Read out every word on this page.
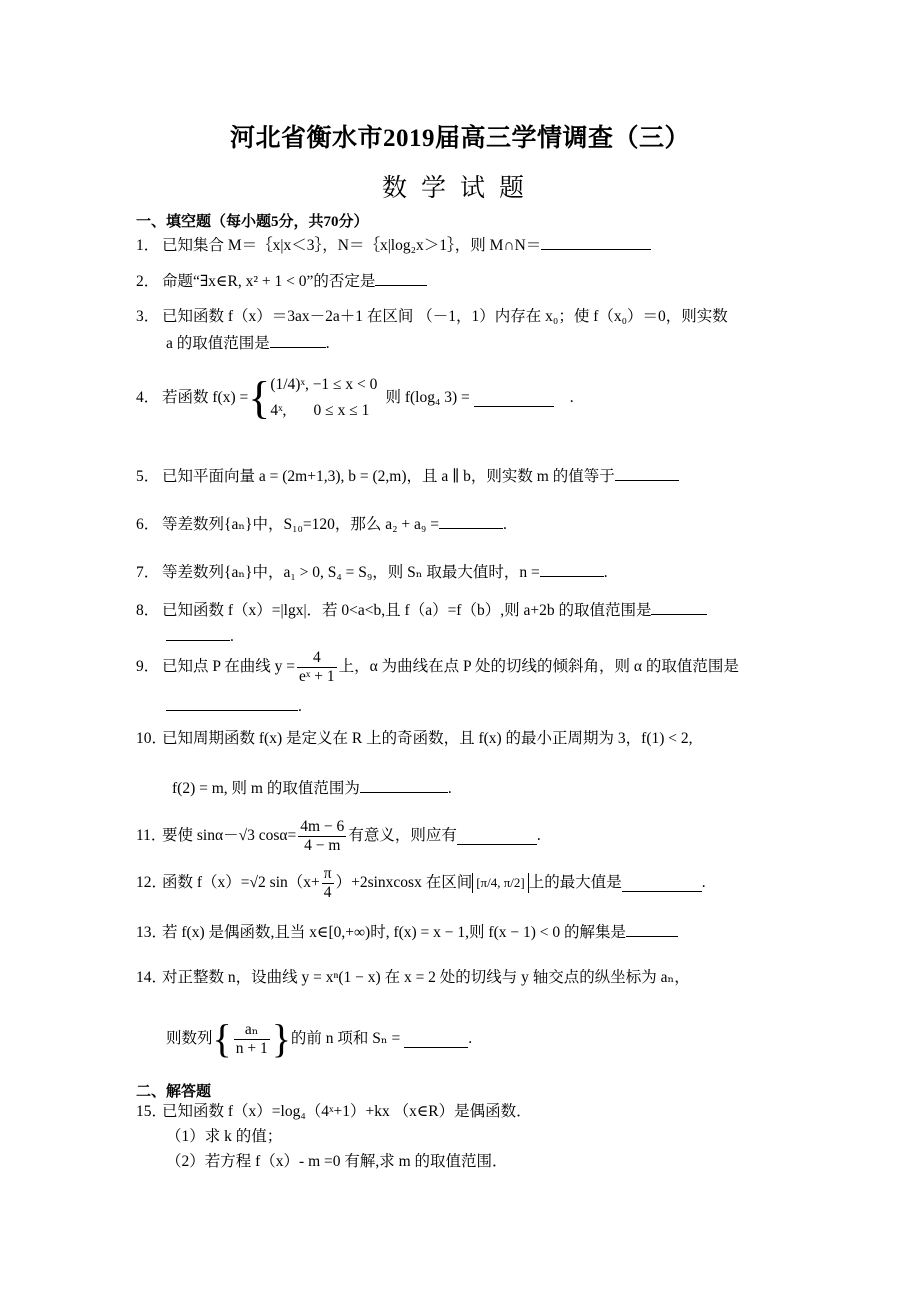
河北省衡水市2019届高三学情调查（三）
数学试题
一、填空题（每小题5分，共70分）
1． 已知集合 M＝｛x|x＜3｝，N＝｛x|log₂x＞1｝，则 M∩N＝
2． 命题“∃x∈R, x² + 1 < 0”的否定是
3． 已知函数 f（x）＝3ax－2a＋1 在区间 （－1，1）内存在 x₀；使 f（x₀）＝0，则实数
a 的取值范围是	.
4． 若函数 f(x) = { (1/4)ˣ, −1 ≤ x < 0
4ˣ,       0 ≤ x ≤ 1
则 f(log₄ 3) =	.
5． 已知平面向量 a = (2m+1,3), b = (2,m)，且 a ∥ b，则实数 m 的值等于
6． 等差数列{aₙ}中，S₁₀=120，那么 a₂ + a₉ =	.
7． 等差数列{aₙ}中，a₁ > 0, S₄ = S₉，则 Sₙ 取最大值时，n =	.
8． 已知函数 f（x）=|lgx|．若 0<a<b,且 f（a）=f（b）,则 a+2b 的取值范围是
.
9． 已知点 P 在曲线 $y = \frac{4}{\text{eˣ + 1}}$ 上，α 为曲线在点 P 处的切线的倾斜角，则 α 的取值范围是
.
10．已知周期函数 f(x) 是定义在 R 上的奇函数，且 f(x) 的最小正周期为 3，f(1) < 2,
f(2) = m, 则 m 的取值范围为	.
11．
要使 sinα－√3 $\cos\alpha= \frac{4m - 6}{4 - m}$ 有意义，则应有	.
12．
函数 f（x）=√2 $\sin(x+ \frac{\pi}{4}$ ）+2sinxcosx 在区间 [π/4, π/2] 上的最大值是	.
13．若 f(x) 是偶函数,且当 x∈[0,+∞)时, f(x) = x − 1,则 f(x − 1) < 0 的解集是
14．对正整数 n，设曲线 y = xⁿ(1 − x) 在 x = 2 处的切线与 y 轴交点的纵坐标为 aₙ，
则数列 { $\frac{\text{aₙ}}{n + 1}$ } 的前 n 项和 Sₙ =	.
二、解答题
15．已知函数 f（x）=log₄（4ˣ+1）+kx （x∈R）是偶函数．
（1）求 k 的值；
（2）若方程 f（x）- m =0 有解,求 m 的取值范围．
